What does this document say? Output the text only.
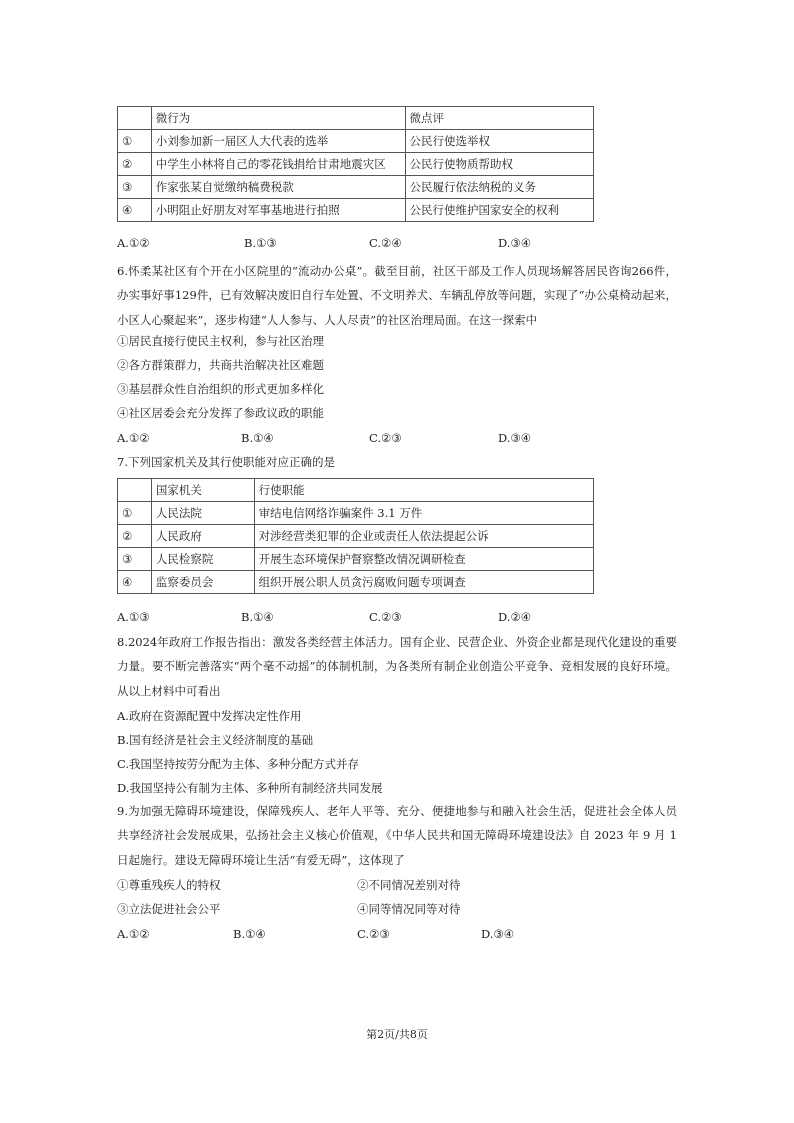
	微行为	微点评
①	小刘参加新一届区人大代表的选举	公民行使选举权
②	中学生小林将自己的零花钱捐给甘肃地震灾区	公民行使物质帮助权
③	作家张某自觉缴纳稿费税款	公民履行依法纳税的义务
④	小明阻止好朋友对军事基地进行拍照	公民行使维护国家安全的权利
A.①②	B.①③	C.②④	D.③④

6.怀柔某社区有个开在小区院里的“流动办公桌”。截至目前，社区干部及工作人员现场解答居民咨询266件，办实事好事129件，已有效解决废旧自行车处置、不文明养犬、车辆乱停放等问题，实现了“办公桌椅动起来，小区人心聚起来”，逐步构建“人人参与、人人尽责”的社区治理局面。在这一探索中

①居民直接行使民主权利，参与社区治理
②各方群策群力，共商共治解决社区难题
③基层群众性自治组织的形式更加多样化
④社区居委会充分发挥了参政议政的职能
A.①②	B.①④	C.②③	D.③④
7.下列国家机关及其行使职能对应正确的是
	国家机关	行使职能
①	人民法院	审结电信网络诈骗案件 3.1 万件
②	人民政府	对涉经营类犯罪的企业或责任人依法提起公诉
③	人民检察院	开展生态环境保护督察整改情况调研检查
④	监察委员会	组织开展公职人员贪污腐败问题专项调查
A.①③	B.①④	C.②③	D.②④

8.2024年政府工作报告指出：激发各类经营主体活力。国有企业、民营企业、外资企业都是现代化建设的重要力量。要不断完善落实“两个毫不动摇”的体制机制，为各类所有制企业创造公平竞争、竞相发展的良好环境。从以上材料中可看出

A.政府在资源配置中发挥决定性作用
B.国有经济是社会主义经济制度的基础
C.我国坚持按劳分配为主体、多种分配方式并存
D.我国坚持公有制为主体、多种所有制经济共同发展

9.为加强无障碍环境建设，保障残疾人、老年人平等、充分、便捷地参与和融入社会生活，促进社会全体人员共享经济社会发展成果，弘扬社会主义核心价值观，《中华人民共和国无障碍环境建设法》自 2023 年 9 月 1 日起施行。建设无障碍环境让生活“有爱无碍”，这体现了

①尊重残疾人的特权	②不同情况差别对待
③立法促进社会公平	④同等情况同等对待
A.①②	B.①④	C.②③	D.③④
第2页/共8页
